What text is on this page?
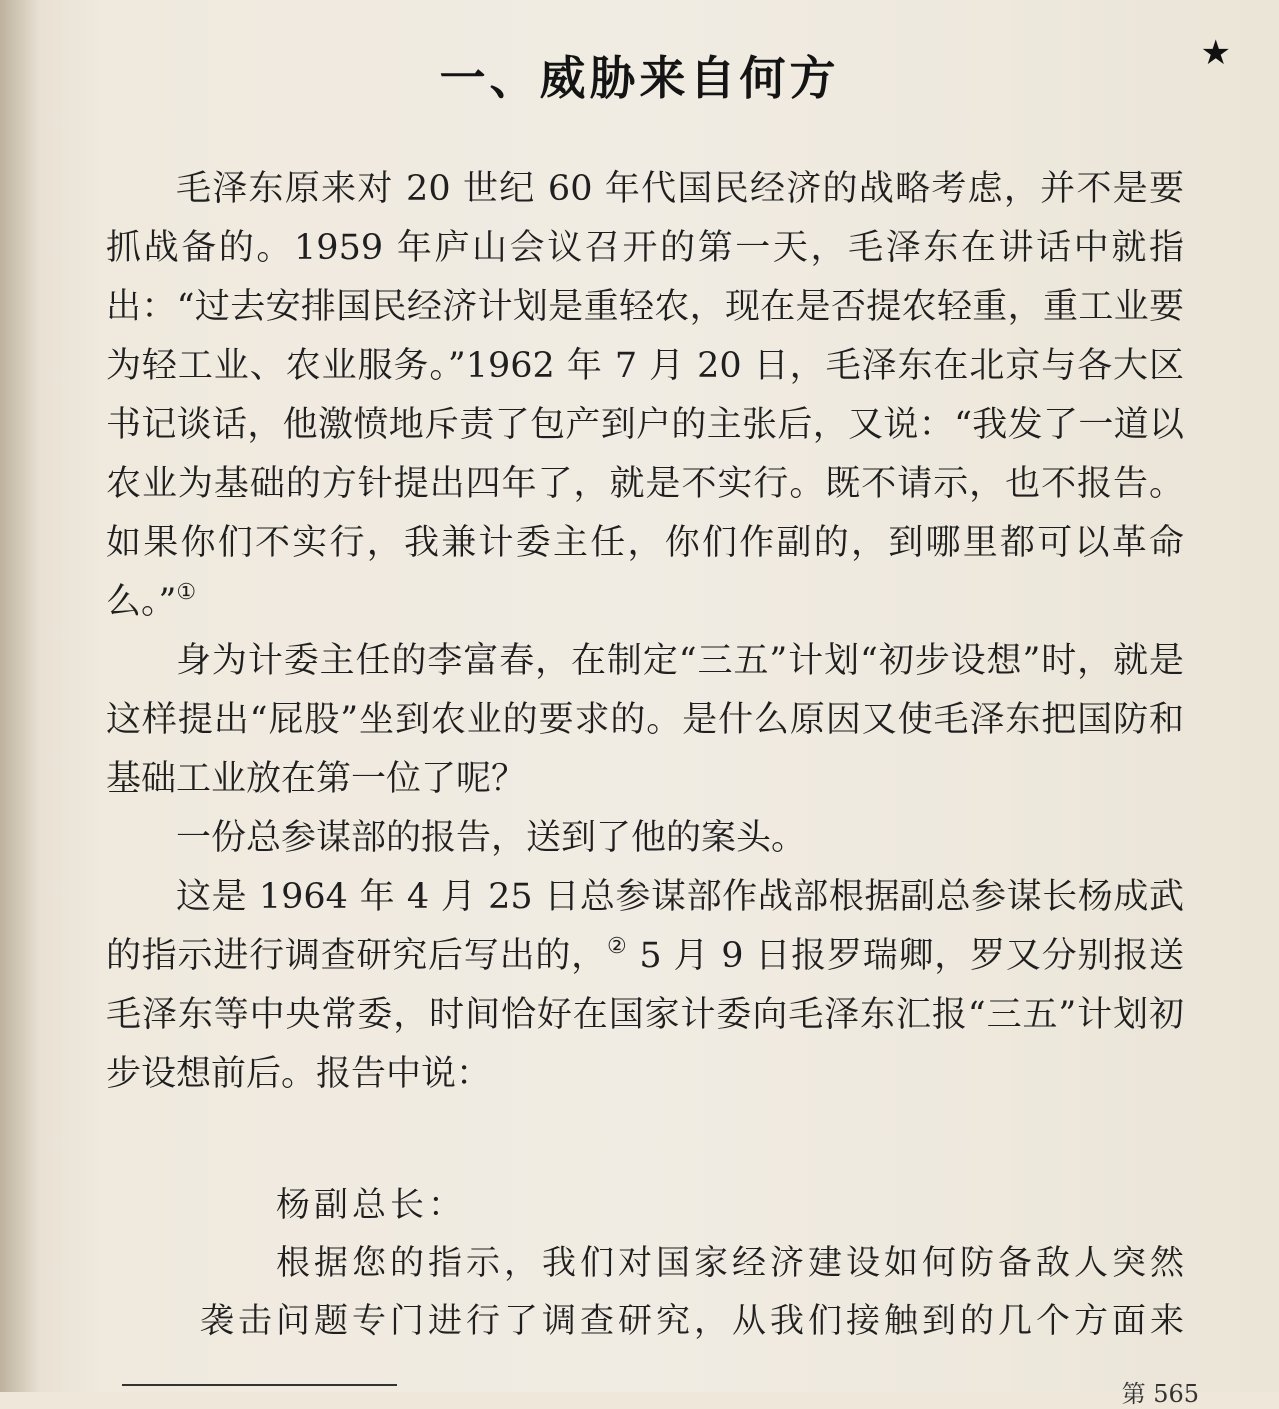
★
一、威胁来自何方

毛泽东原来对 20 世纪 60 年代国民经济的战略考虑，并不是要抓战备的。1959 年庐山会议召开的第一天，毛泽东在讲话中就指出：“过去安排国民经济计划是重轻农，现在是否提农轻重，重工业要为轻工业、农业服务。”1962 年 7 月 20 日，毛泽东在北京与各大区书记谈话，他激愤地斥责了包产到户的主张后，又说：“我发了一道以农业为基础的方针提出四年了，就是不实行。既不请示，也不报告。如果你们不实行，我兼计委主任，你们作副的，到哪里都可以革命么。”①

身为计委主任的李富春，在制定“三五”计划“初步设想”时，就是这样提出“屁股”坐到农业的要求的。是什么原因又使毛泽东把国防和基础工业放在第一位了呢？

一份总参谋部的报告，送到了他的案头。

这是 1964 年 4 月 25 日总参谋部作战部根据副总参谋长杨成武的指示进行调查研究后写出的，② 5 月 9 日报罗瑞卿，罗又分别报送毛泽东等中央常委，时间恰好在国家计委向毛泽东汇报“三五”计划初步设想前后。报告中说：

杨副总长：

根据您的指示，我们对国家经济建设如何防备敌人突然袭击问题专门进行了调查研究，从我们接触到的几个方面来

第 565
